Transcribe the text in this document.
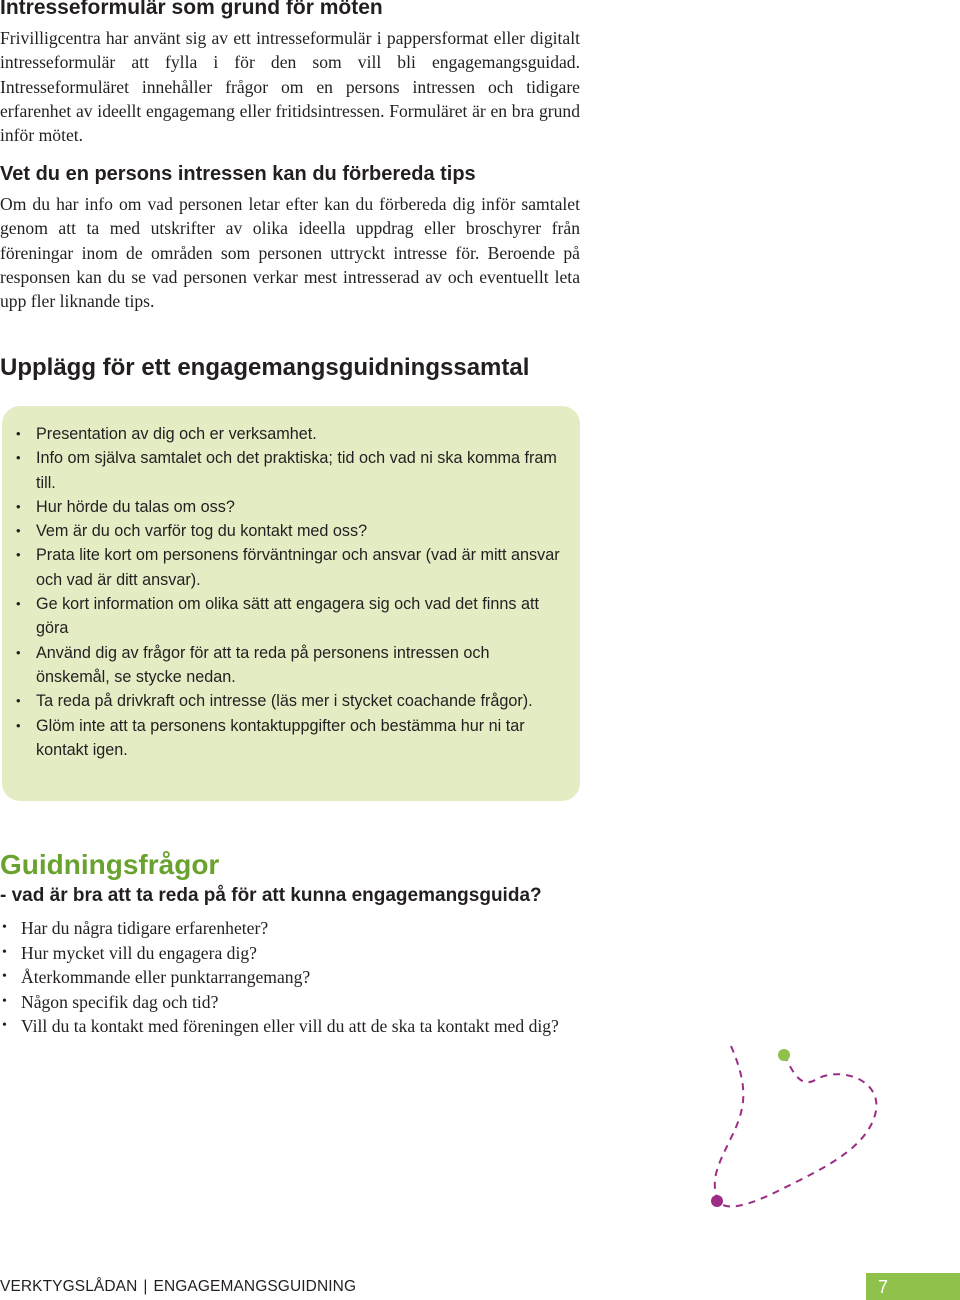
Intresseformulär som grund för möten

Frivilligcentra har använt sig av ett intresseformulär i pappersformat eller digitalt intresseformulär att fylla i för den som vill bli engagemangsguidad. Intresseformuläret innehåller frågor om en persons intressen och tidigare erfarenhet av ideellt engagemang eller fritidsintressen. Formuläret är en bra grund inför mötet.

Vet du en persons intressen kan du förbereda tips

Om du har info om vad personen letar efter kan du förbereda dig inför samtalet genom att ta med utskrifter av olika ideella uppdrag eller broschyrer från föreningar inom de områden som personen uttryckt intresse för. Beroende på responsen kan du se vad personen verkar mest intresserad av och eventuellt leta upp fler liknande tips.

Upplägg för ett engagemangsguidningssamtal
• Presentation av dig och er verksamhet.
• Info om själva samtalet och det praktiska; tid och vad ni ska komma fram till.
• Hur hörde du talas om oss?
• Vem är du och varför tog du kontakt med oss?
• Prata lite kort om personens förväntningar och ansvar (vad är mitt ansvar och vad är ditt ansvar).
• Ge kort information om olika sätt att engagera sig och vad det finns att göra
• Använd dig av frågor för att ta reda på personens intressen och önskemål, se stycke nedan.
• Ta reda på drivkraft och intresse (läs mer i stycket coachande frågor).
• Glöm inte att ta personens kontaktuppgifter och bestämma hur ni tar kontakt igen.
Guidningsfrågor
- vad är bra att ta reda på för att kunna engagemangsguida?
• Har du några tidigare erfarenheter?
• Hur mycket vill du engagera dig?
• Återkommande eller punktarrangemang?
• Någon specifik dag och tid?
• Vill du ta kontakt med föreningen eller vill du att de ska ta kontakt med dig?
VERKTYGSLÅDAN | ENGAGEMANGSGUIDNING	7
